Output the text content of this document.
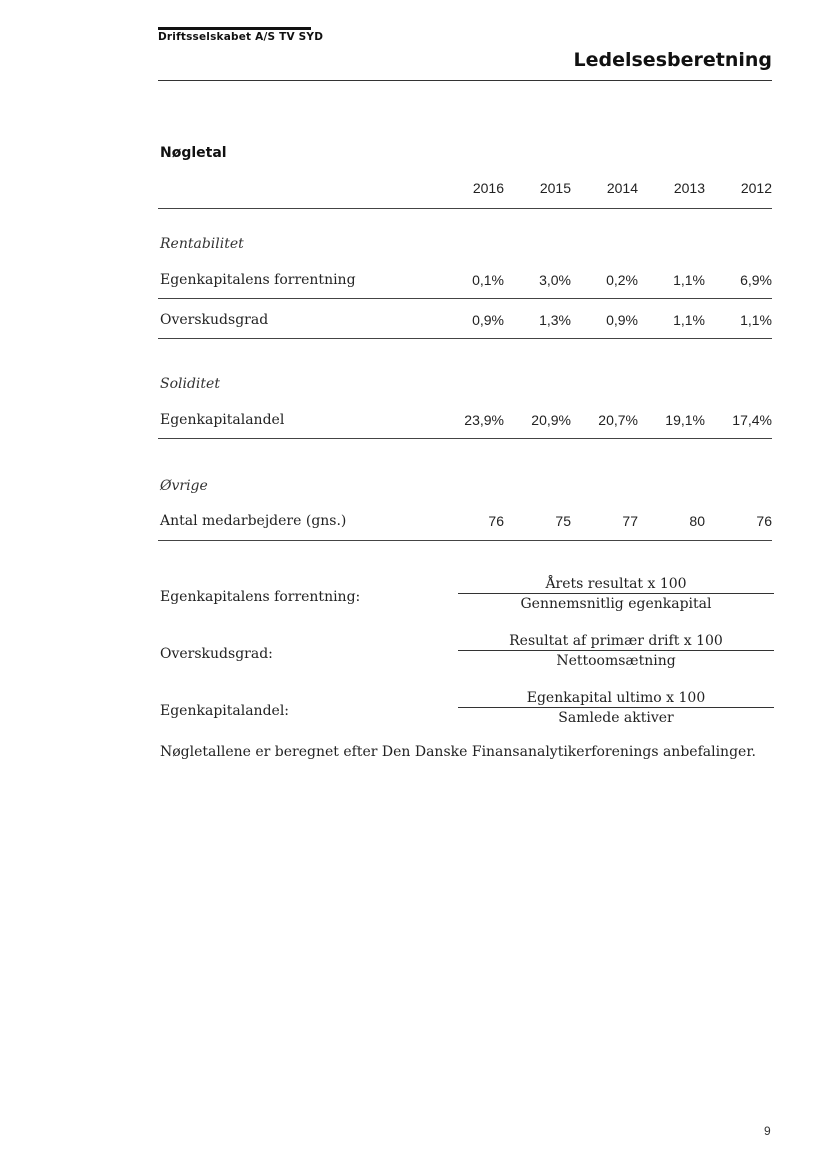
Driftsselskabet A/S TV SYD
Ledelsesberetning
Nøgletal
2016	2015	2014	2013	2012
Rentabilitet
Egenkapitalens forrentning	0,1%	3,0%	0,2%	1,1%	6,9%
Overskudsgrad	0,9%	1,3%	0,9%	1,1%	1,1%
Soliditet
Egenkapitalandel	23,9%	20,9%	20,7%	19,1%	17,4%
Øvrige
Antal medarbejdere (gns.)	76	75	77	80	76
Egenkapitalens forrentning:
Årets resultat x 100
Gennemsnitlig egenkapital
Overskudsgrad:
Resultat af primær drift x 100
Nettoomsætning
Egenkapitalandel:
Egenkapital ultimo x 100
Samlede aktiver
Nøgletallene er beregnet efter Den Danske Finansanalytikerforenings anbefalinger.
9
